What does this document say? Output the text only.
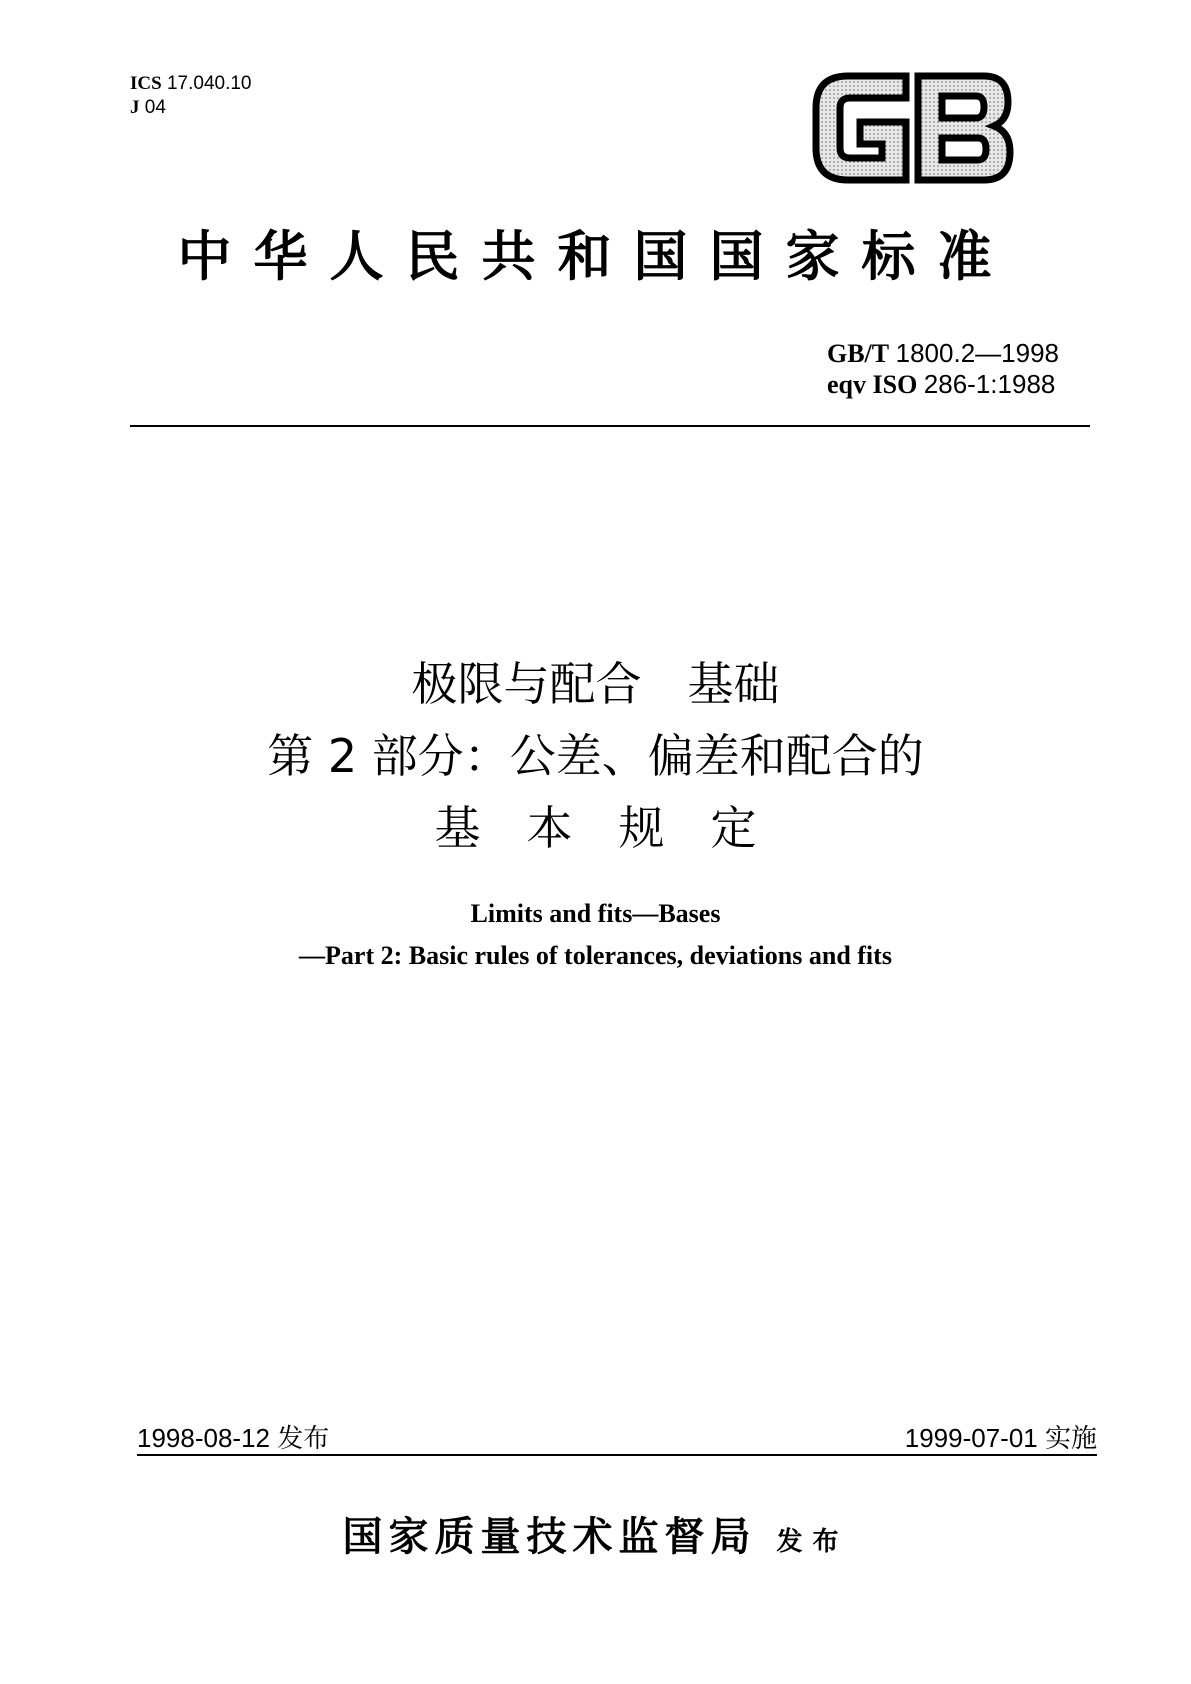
ICS 17.040.10
J 04
中华人民共和国国家标准
GB/T 1800.2—1998
eqv ISO 286-1:1988
极限与配合　基础
第 2 部分：公差、偏差和配合的
基　本　规　定
Limits and fits—Bases
—Part 2: Basic rules of tolerances, deviations and fits
1998-08-12 发布	1999-07-01 实施
国家质量技术监督局 发布
